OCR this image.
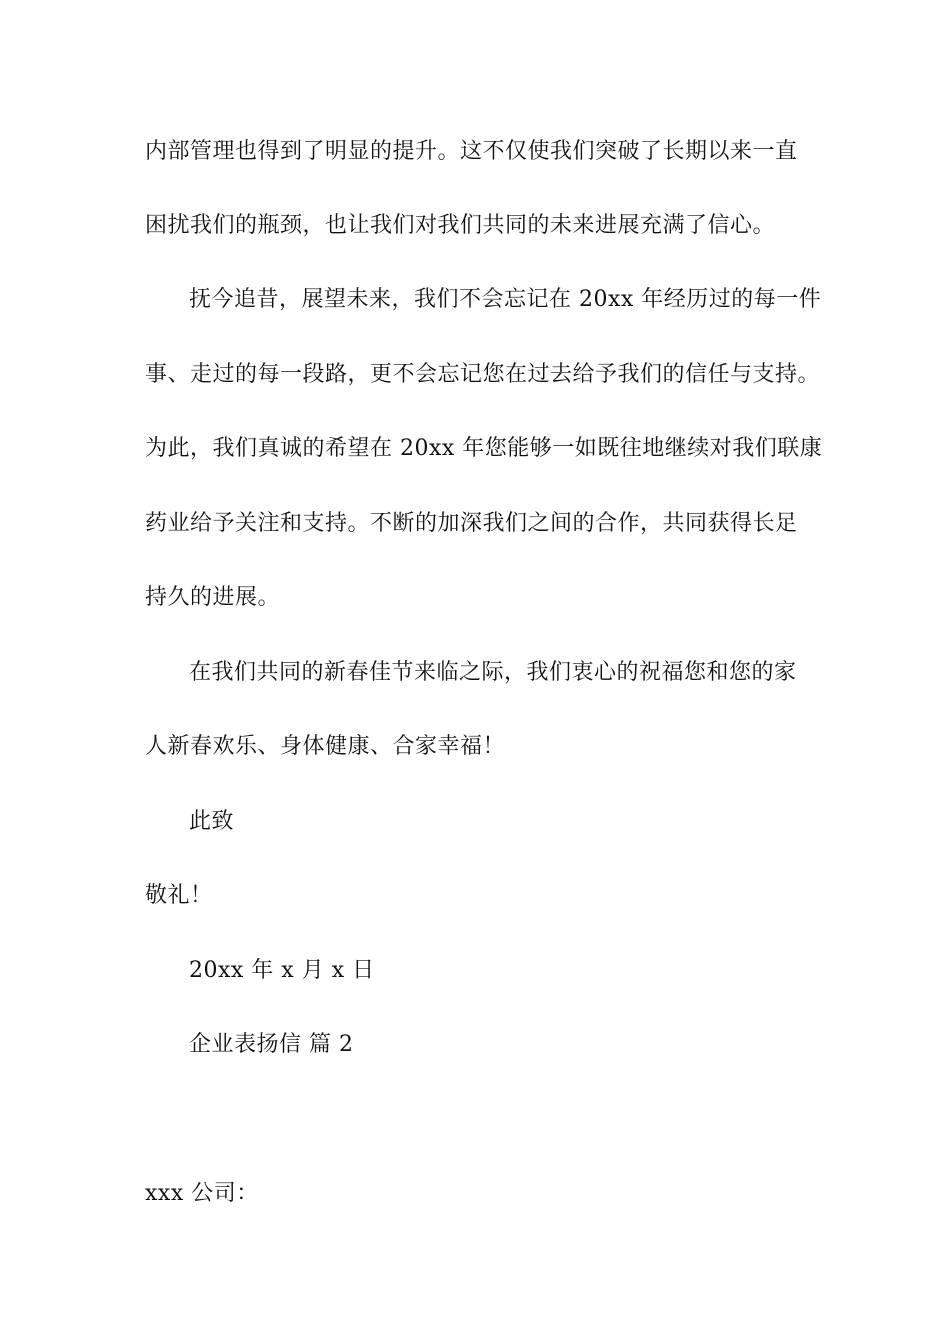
内部管理也得到了明显的提升。这不仅使我们突破了长期以来一直
困扰我们的瓶颈，也让我们对我们共同的未来进展充满了信心。
抚今追昔，展望未来，我们不会忘记在 20xx 年经历过的每一件
事、走过的每一段路，更不会忘记您在过去给予我们的信任与支持。
为此，我们真诚的希望在 20xx 年您能够一如既往地继续对我们联康
药业给予关注和支持。不断的加深我们之间的合作，共同获得长足
持久的进展。
在我们共同的新春佳节来临之际，我们衷心的祝福您和您的家
人新春欢乐、身体健康、合家幸福！
此致
敬礼！
20xx 年 x 月 x 日
企业表扬信 篇 2
xxx 公司：
